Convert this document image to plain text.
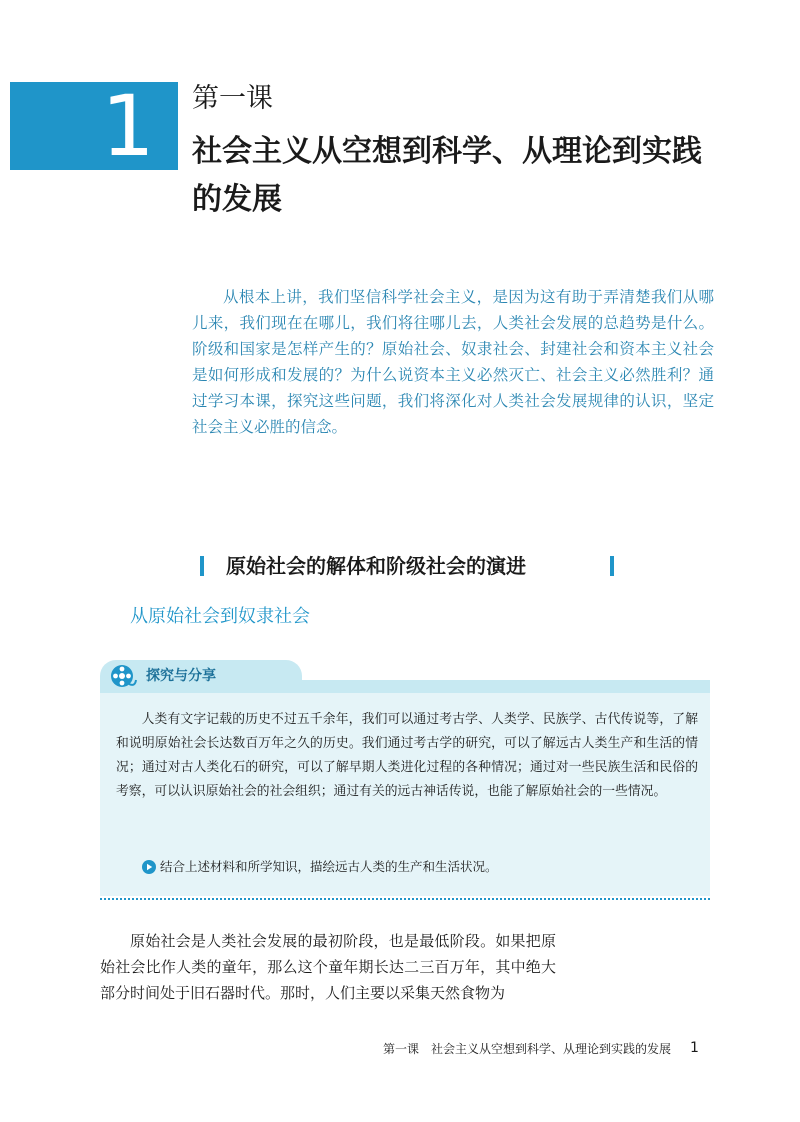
1 第一课
社会主义从空想到科学、从理论到实践的发展
从根本上讲，我们坚信科学社会主义，是因为这有助于弄清楚我们从哪儿来，我们现在在哪儿，我们将往哪儿去，人类社会发展的总趋势是什么。阶级和国家是怎样产生的？原始社会、奴隶社会、封建社会和资本主义社会是如何形成和发展的？为什么说资本主义必然灭亡、社会主义必然胜利？通过学习本课，探究这些问题，我们将深化对人类社会发展规律的认识，坚定社会主义必胜的信念。
原始社会的解体和阶级社会的演进
从原始社会到奴隶社会
探究与分享
人类有文字记载的历史不过五千余年，我们可以通过考古学、人类学、民族学、古代传说等，了解和说明原始社会长达数百万年之久的历史。我们通过考古学的研究，可以了解远古人类生产和生活的情况；通过对古人类化石的研究，可以了解早期人类进化过程的各种情况；通过对一些民族生活和民俗的考察，可以认识原始社会的社会组织；通过有关的远古神话传说，也能了解原始社会的一些情况。
结合上述材料和所学知识，描绘远古人类的生产和生活状况。
原始社会是人类社会发展的最初阶段，也是最低阶段。如果把原始社会比作人类的童年，那么这个童年期长达二三百万年，其中绝大部分时间处于旧石器时代。那时，人们主要以采集天然食物为
第一课　社会主义从空想到科学、从理论到实践的发展 1
